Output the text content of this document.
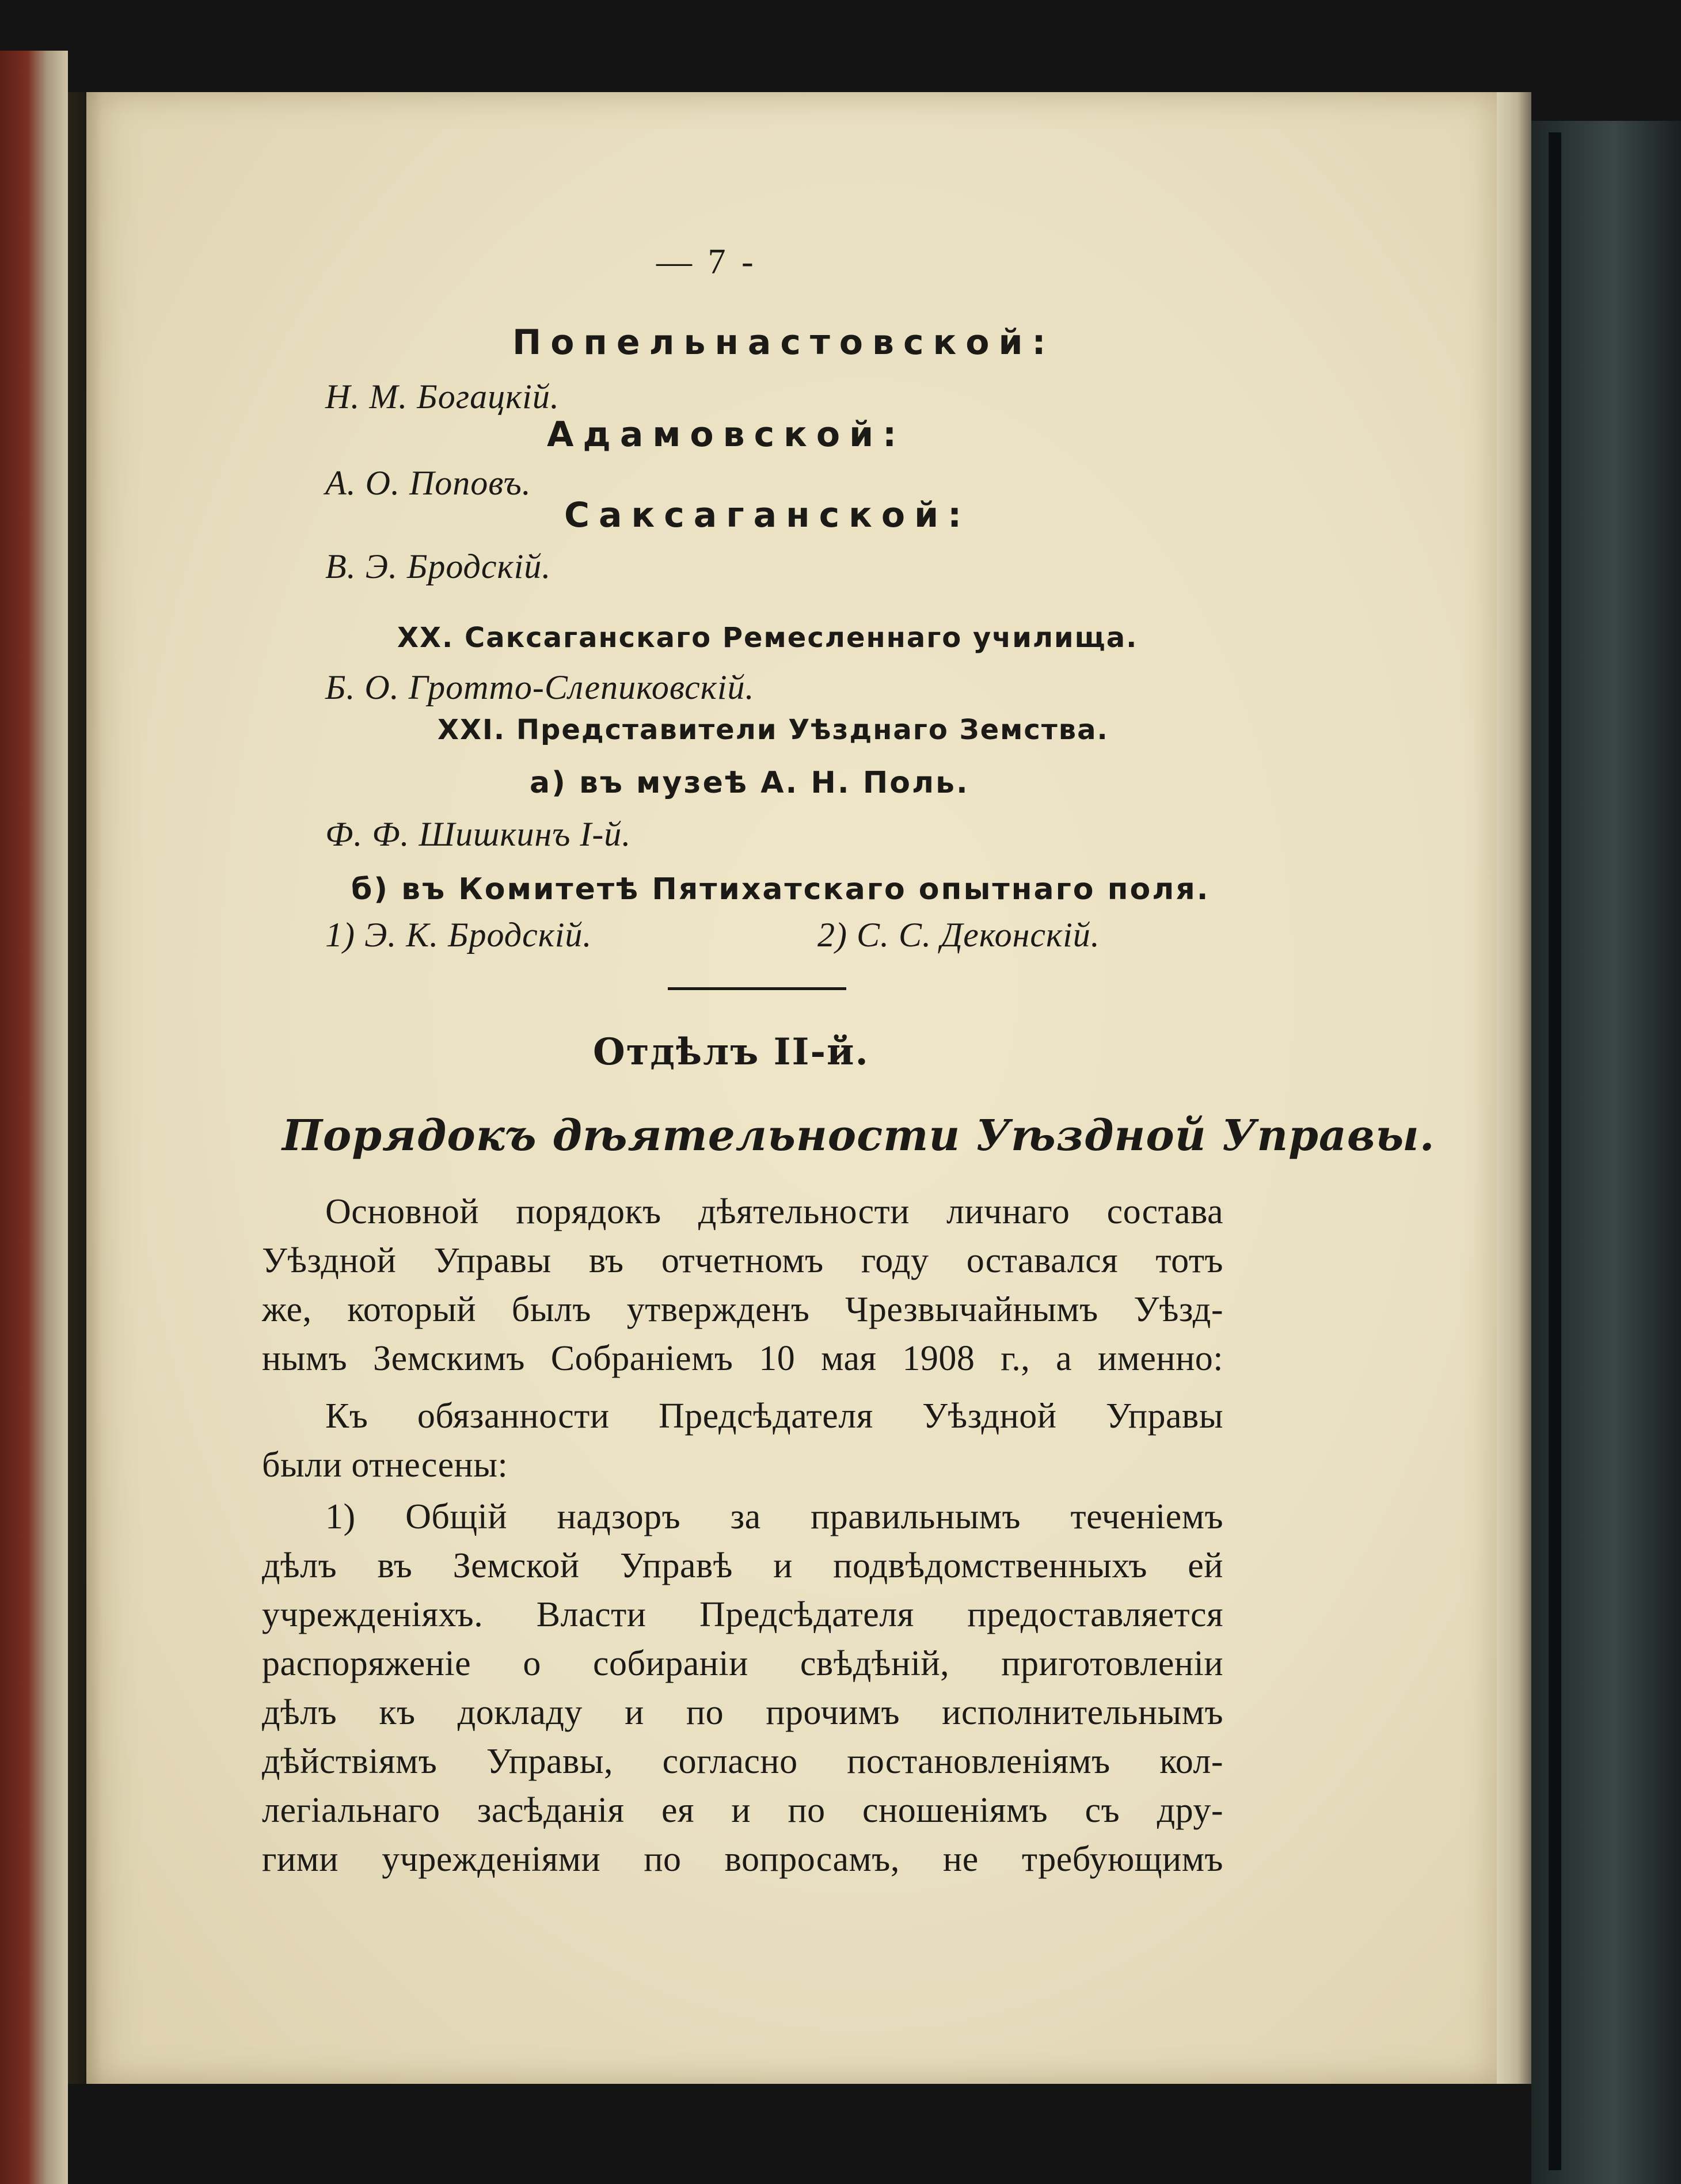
— 7 -
Попельнастовской:
Н. М. Богацкій.
Адамовской:
А. О. Поповъ.
Саксаганской:
В. Э. Бродскій.
XX. Саксаганскаго Ремесленнаго училища.
Б. О. Гротто-Слепиковскій.
XXI. Представители Уѣзднаго Земства.
а) въ музеѣ А. Н. Поль.
Ф. Ф. Шишкинъ І-й.
б) въ Комитетѣ Пятихатскаго опытнаго поля.
1) Э. К. Бродскій.	2) С. С. Деконскій.
Отдѣлъ II-й.
Порядокъ дѣятельности Уѣздной Управы.
Основной порядокъ дѣятельности личнаго состава
Уѣздной Управы въ отчетномъ году оставался тотъ
же, который былъ утвержденъ Чрезвычайнымъ Уѣзд-
нымъ Земскимъ Собраніемъ 10 мая 1908 г., а именно:
Къ обязанности Предсѣдателя Уѣздной Управы
были отнесены:
1) Общій надзоръ за правильнымъ теченіемъ
дѣлъ въ Земской Управѣ и подвѣдомственныхъ ей
учрежденіяхъ. Власти Предсѣдателя предоставляется
распоряженіе о собираніи свѣдѣній, приготовленіи
дѣлъ къ докладу и по прочимъ исполнительнымъ
дѣйствіямъ Управы, согласно постановленіямъ кол-
легіальнаго засѣданія ея и по сношеніямъ съ дру-
гими учрежденіями по вопросамъ, не требующимъ
